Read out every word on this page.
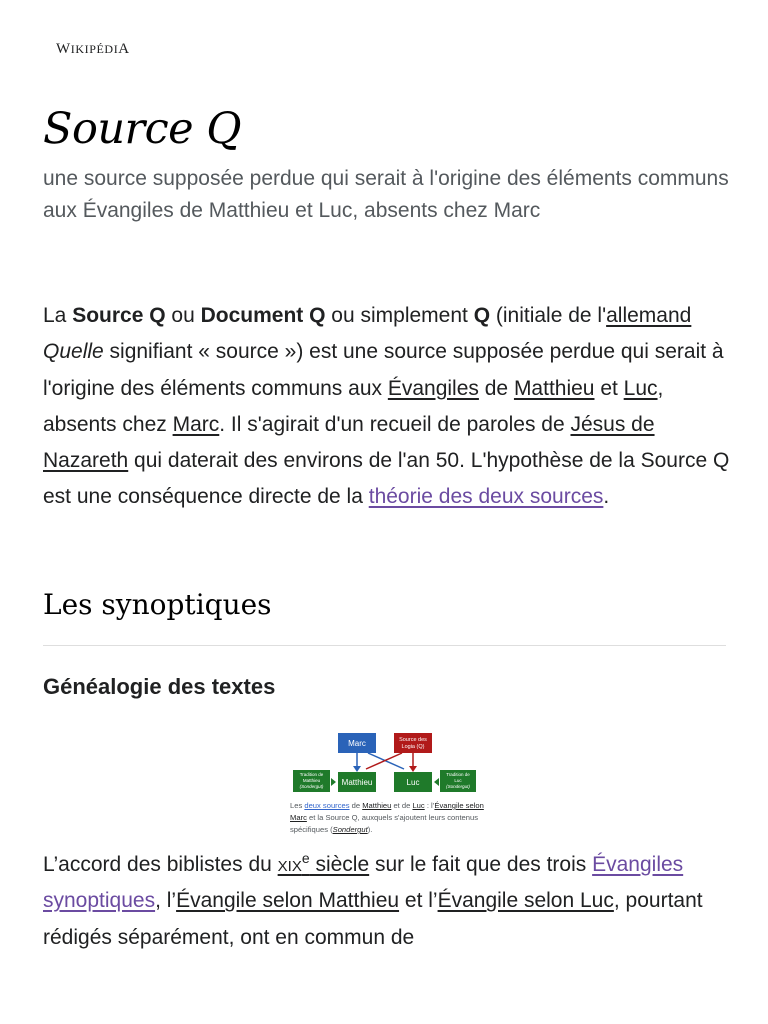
WIKIPÉDIA
Source Q

une source supposée perdue qui serait à l'origine des éléments communs aux Évangiles de Matthieu et Luc, absents chez Marc

La Source Q ou Document Q ou simplement Q (initiale de l'allemand Quelle signifiant « source ») est une source supposée perdue qui serait à l'origine des éléments communs aux Évangiles de Matthieu et Luc, absents chez Marc. Il s'agirait d'un recueil de paroles de Jésus de Nazareth qui daterait des environs de l'an 50. L'hypothèse de la Source Q est une conséquence directe de la théorie des deux sources.

Les synoptiques
Généalogie des textes
Marc	Source des
Logia (Q)
Matthieu	Luc
Tradition de
Matthieu
(Sondergut)
Tradition de
Luc
(Sondergut)
Les deux sources de Matthieu et de Luc : l’Évangile selon Marc et la Source Q, auxquels s'ajoutent leurs contenus spécifiques (Sondergut).

L’accord des biblistes du xix$^e$ siècle sur le fait que des trois Évangiles synoptiques, l’Évangile selon Matthieu et l’Évangile selon Luc, pourtant rédigés séparément, ont en commun de
